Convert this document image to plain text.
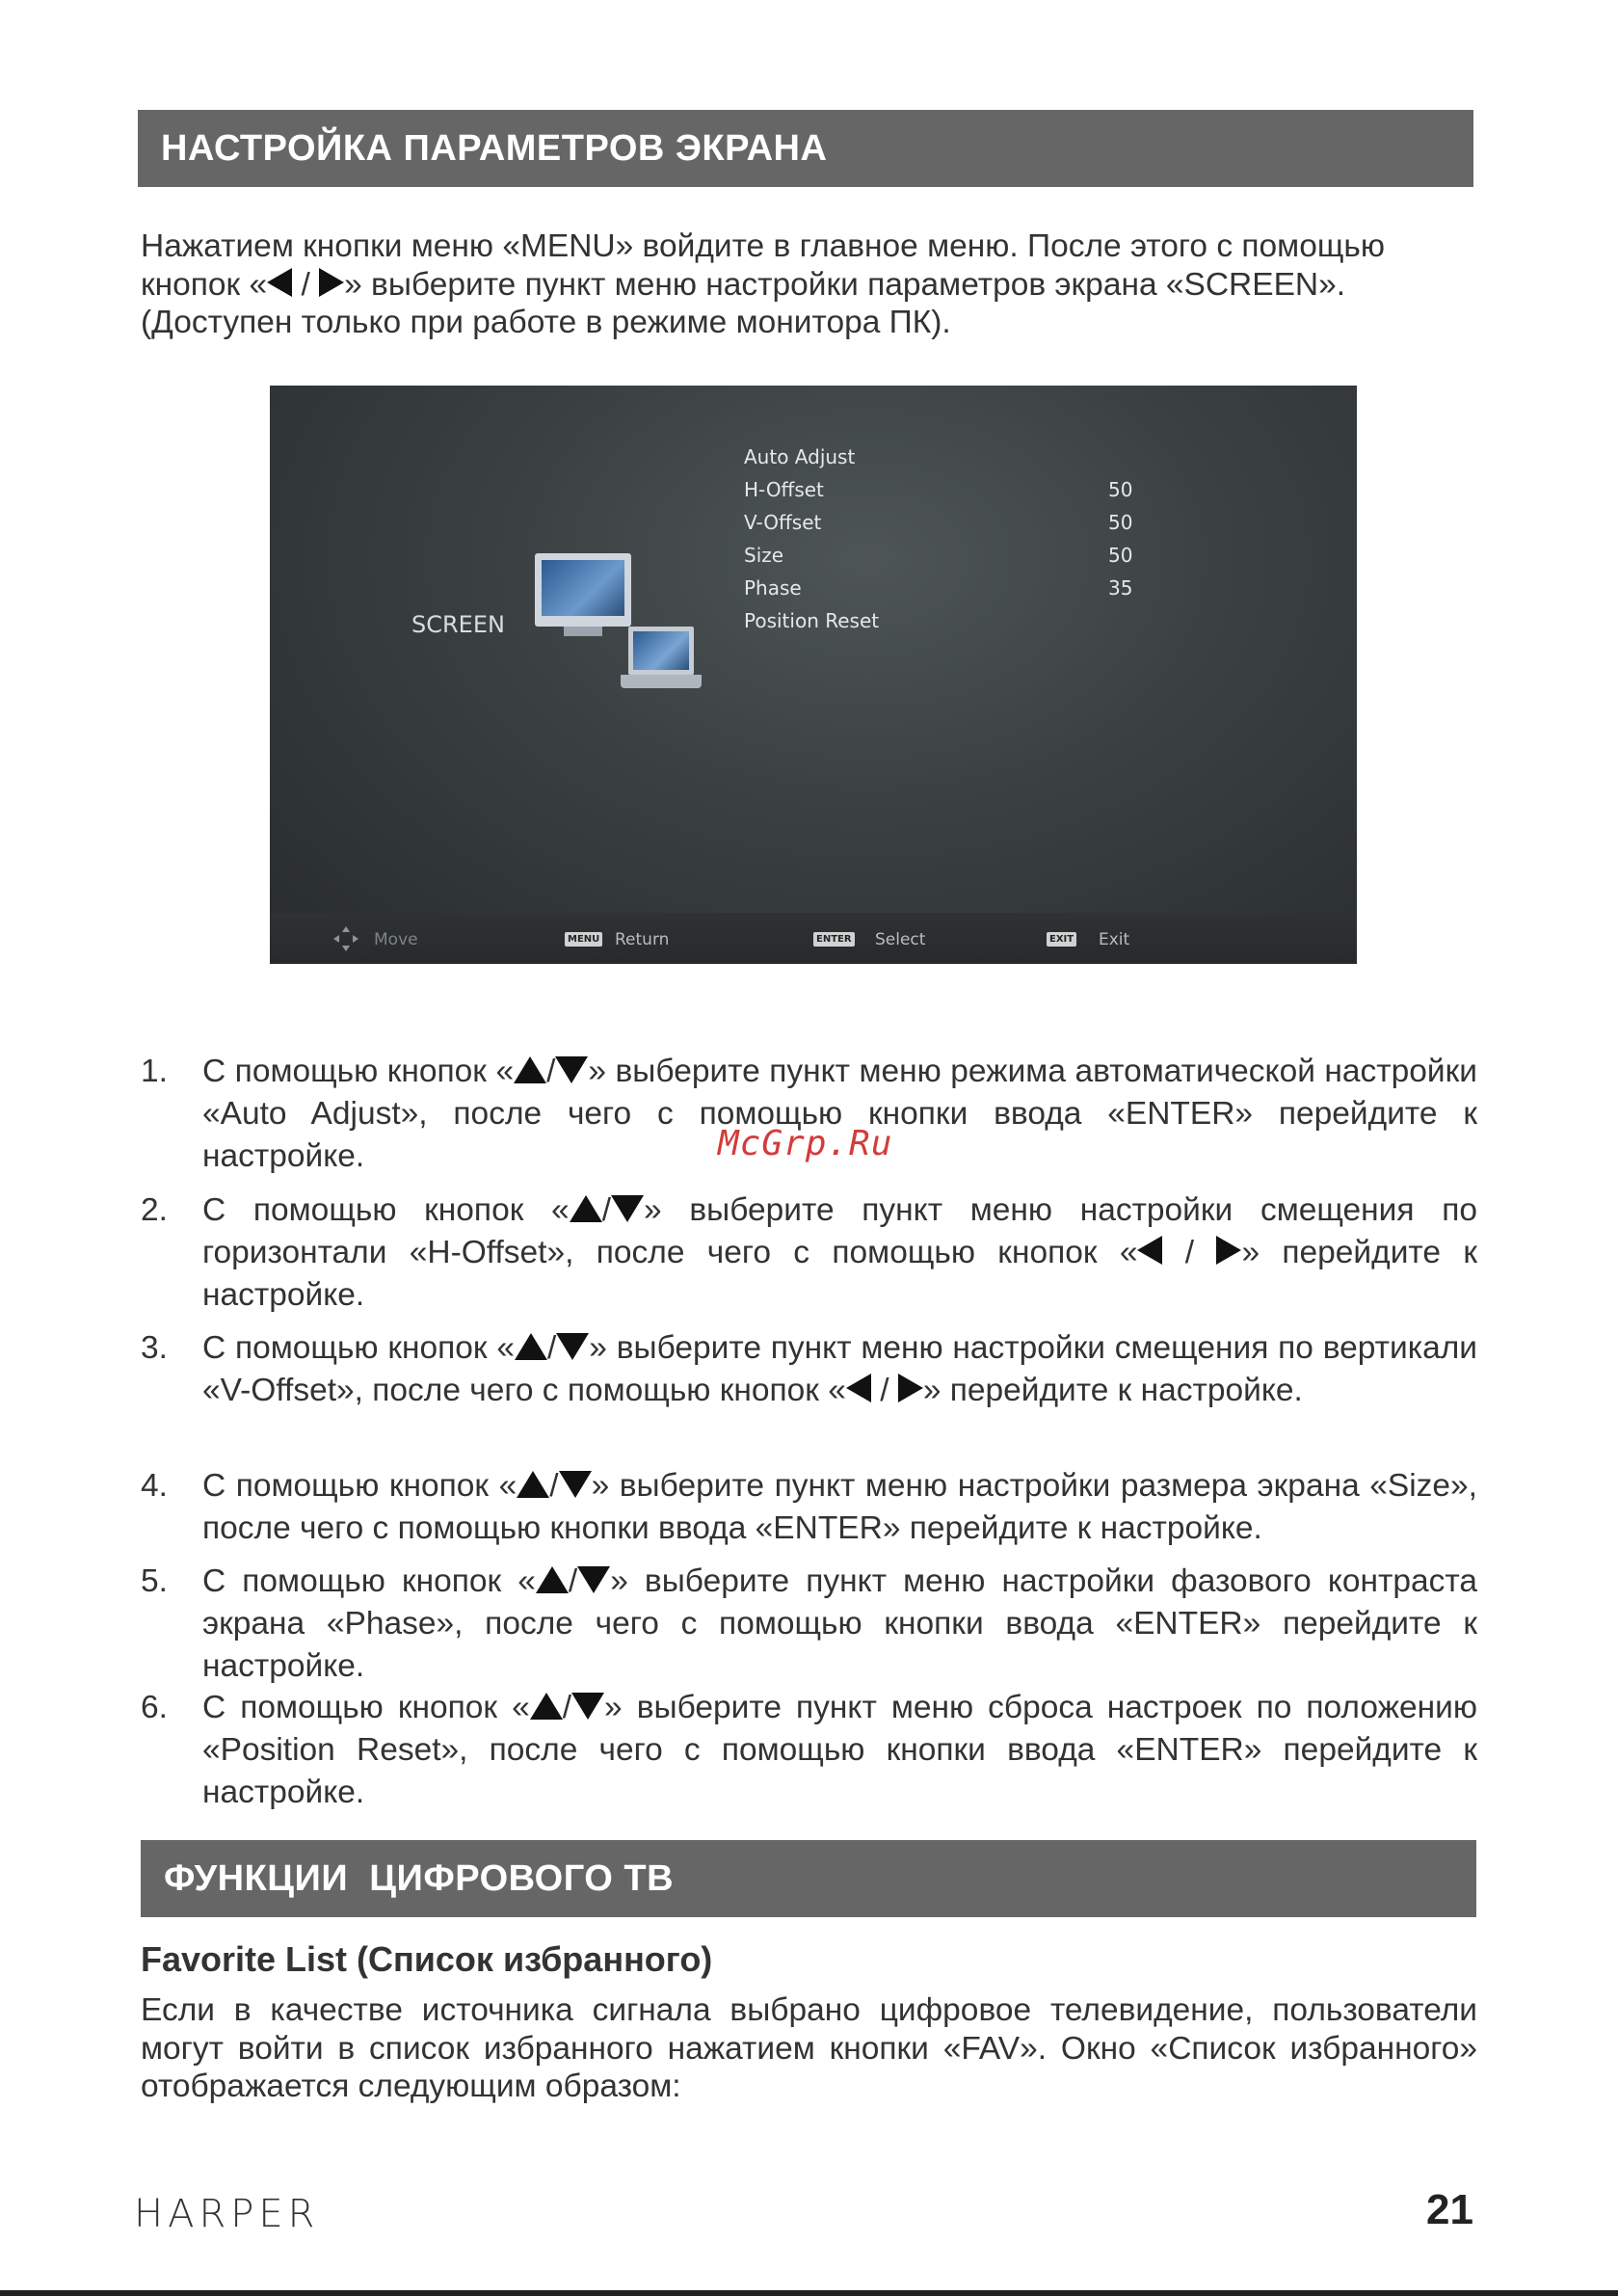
НАСТРОЙКА ПАРАМЕТРОВ ЭКРАНА
Нажатием кнопки меню «MENU» войдите в главное меню. После этого с помощью
кнопок « / » выберите пункт меню настройки параметров экрана «SCREEN».
(Доступен только при работе в режиме монитора ПК).
SCREEN
Auto Adjust
H-Offset	50
V-Offset	50
Size	50
Phase	35
Position Reset
Move	MENU Return	ENTER Select	EXIT Exit
1. С помощью кнопок « / » выберите пункт меню режима автоматической настройки «Auto Adjust», после чего с помощью кнопки ввода «ENTER» перейдите к настройке.	McGrp.Ru
2. С помощью кнопок « / » выберите пункт меню настройки смещения по горизонтали «H-Offset», после чего с помощью кнопок « / » перейдите к настройке.
3. С помощью кнопок « / » выберите пункт меню настройки смещения по вертикали «V-Offset», после чего с помощью кнопок « / » перейдите к настройке.
4. С помощью кнопок « / » выберите пункт меню настройки размера экрана «Size», после чего с помощью кнопки ввода «ENTER» перейдите к настройке.
5. С помощью кнопок « / » выберите пункт меню настройки фазового контраста экрана «Phase», после чего с помощью кнопки ввода «ENTER» перейдите к настройке.
6. С помощью кнопок « / » выберите пункт меню сброса настроек по положению «Position Reset», после чего с помощью кнопки ввода «ENTER» перейдите к настройке.
ФУНКЦИИ  ЦИФРОВОГО ТВ
Favorite List (Список избранного)
Если в качестве источника сигнала выбрано цифровое телевидение, пользователи могут войти в список избранного нажатием кнопки «FAV». Окно «Список избранного» отображается следующим образом:
HARPER	21
